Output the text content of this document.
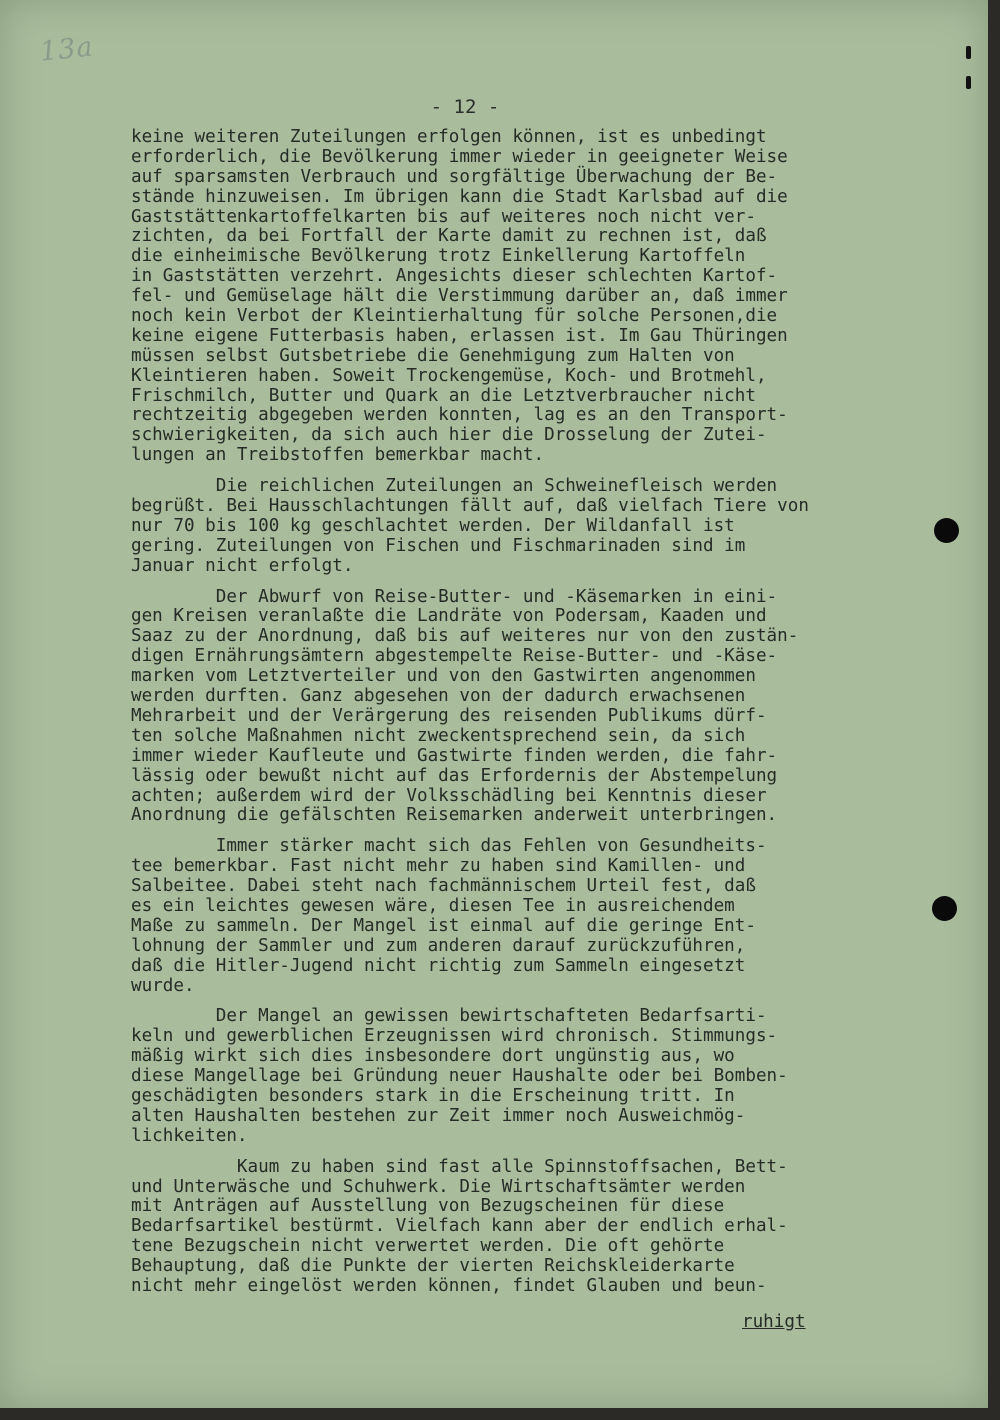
13a
- 12 -
keine weiteren Zuteilungen erfolgen können, ist es unbedingt
erforderlich, die Bevölkerung immer wieder in geeigneter Weise
auf sparsamsten Verbrauch und sorgfältige Überwachung der Be-
stände hinzuweisen. Im übrigen kann die Stadt Karlsbad auf die
Gaststättenkartoffelkarten bis auf weiteres noch nicht ver-
zichten, da bei Fortfall der Karte damit zu rechnen ist, daß
die einheimische Bevölkerung trotz Einkellerung Kartoffeln
in Gaststätten verzehrt. Angesichts dieser schlechten Kartof-
fel- und Gemüselage hält die Verstimmung darüber an, daß immer
noch kein Verbot der Kleintierhaltung für solche Personen,die
keine eigene Futterbasis haben, erlassen ist. Im Gau Thüringen
müssen selbst Gutsbetriebe die Genehmigung zum Halten von
Kleintieren haben. Soweit Trockengemüse, Koch- und Brotmehl,
Frischmilch, Butter und Quark an die Letztverbraucher nicht
rechtzeitig abgegeben werden konnten, lag es an den Transport-
schwierigkeiten, da sich auch hier die Drosselung der Zutei-
lungen an Treibstoffen bemerkbar macht.
Die reichlichen Zuteilungen an Schweinefleisch werden
begrüßt. Bei Hausschlachtungen fällt auf, daß vielfach Tiere von
nur 70 bis 100 kg geschlachtet werden. Der Wildanfall ist
gering. Zuteilungen von Fischen und Fischmarinaden sind im
Januar nicht erfolgt.
Der Abwurf von Reise-Butter- und -Käsemarken in eini-
gen Kreisen veranlaßte die Landräte von Podersam, Kaaden und
Saaz zu der Anordnung, daß bis auf weiteres nur von den zustän-
digen Ernährungsämtern abgestempelte Reise-Butter- und -Käse-
marken vom Letztverteiler und von den Gastwirten angenommen
werden durften. Ganz abgesehen von der dadurch erwachsenen
Mehrarbeit und der Verärgerung des reisenden Publikums dürf-
ten solche Maßnahmen nicht zweckentsprechend sein, da sich
immer wieder Kaufleute und Gastwirte finden werden, die fahr-
lässig oder bewußt nicht auf das Erfordernis der Abstempelung
achten; außerdem wird der Volksschädling bei Kenntnis dieser
Anordnung die gefälschten Reisemarken anderweit unterbringen.
Immer stärker macht sich das Fehlen von Gesundheits-
tee bemerkbar. Fast nicht mehr zu haben sind Kamillen- und
Salbeitee. Dabei steht nach fachmännischem Urteil fest, daß
es ein leichtes gewesen wäre, diesen Tee in ausreichendem
Maße zu sammeln. Der Mangel ist einmal auf die geringe Ent-
lohnung der Sammler und zum anderen darauf zurückzuführen,
daß die Hitler-Jugend nicht richtig zum Sammeln eingesetzt
wurde.
Der Mangel an gewissen bewirtschafteten Bedarfsarti-
keln und gewerblichen Erzeugnissen wird chronisch. Stimmungs-
mäßig wirkt sich dies insbesondere dort ungünstig aus, wo
diese Mangellage bei Gründung neuer Haushalte oder bei Bomben-
geschädigten besonders stark in die Erscheinung tritt. In
alten Haushalten bestehen zur Zeit immer noch Ausweichmög-
lichkeiten.
Kaum zu haben sind fast alle Spinnstoffsachen, Bett-
und Unterwäsche und Schuhwerk. Die Wirtschaftsämter werden
mit Anträgen auf Ausstellung von Bezugscheinen für diese
Bedarfsartikel bestürmt. Vielfach kann aber der endlich erhal-
tene Bezugschein nicht verwertet werden. Die oft gehörte
Behauptung, daß die Punkte der vierten Reichskleiderkarte
nicht mehr eingelöst werden können, findet Glauben und beun-
ruhigt
